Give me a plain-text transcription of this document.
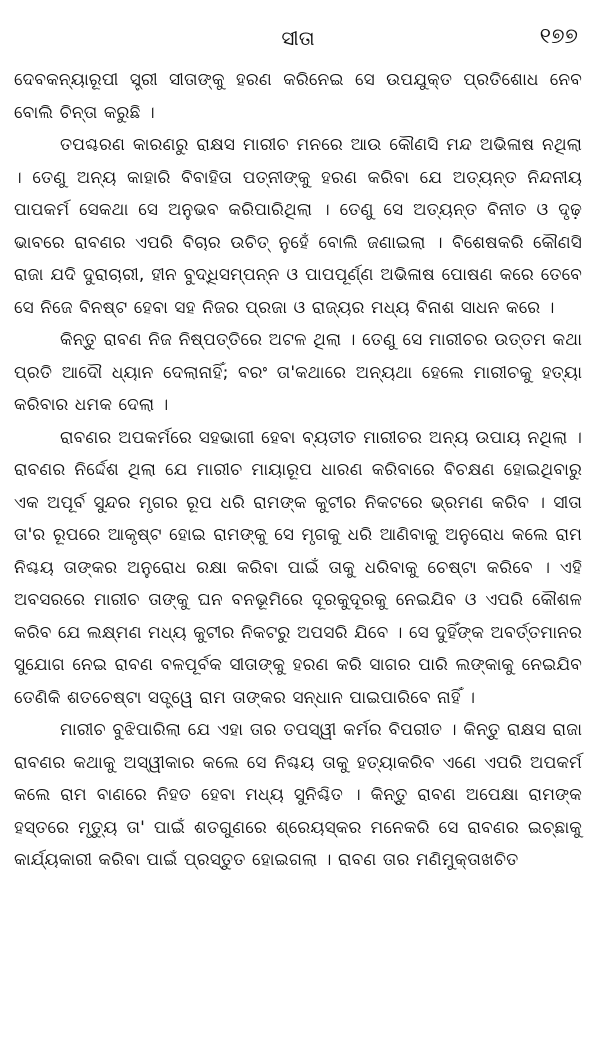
ସୀତା	୧୭୭

ଦେବକନ୍ୟାରୂପୀ ସ୍ତ୍ରୀ ସୀତାଙ୍କୁ ହରଣ କରିନେଇ ସେ ଉପଯୁକ୍ତ ପ୍ରତିଶୋଧ ନେବ ବୋଲି ଚିନ୍ତା କରୁଛି ।

ତପଶ୍ଚରଣ କାରଣରୁ ରାକ୍ଷସ ମାରୀଚ ମନରେ ଆଉ କୌଣସି ମନ୍ଦ ଅଭିଳାଷ ନଥିଲା । ତେଣୁ ଅନ୍ୟ କାହାରି ବିବାହିତା ପତ୍ନୀଙ୍କୁ ହରଣ କରିବା ଯେ ଅତ୍ୟନ୍ତ ନିନ୍ଦନୀୟ ପାପକର୍ମ ସେକଥା ସେ ଅନୁଭବ କରିପାରିଥିଲା । ତେଣୁ ସେ ଅତ୍ୟନ୍ତ ବିନୀତ ଓ ଦୃଢ଼ ଭାବରେ ରାବଣର ଏପରି ବିଚାର ଉଚିତ୍ ନୁହେଁ ବୋଲି ଜଣାଇଲା । ବିଶେଷକରି କୌଣସି ରାଜା ଯଦି ଦୁରାଚାରୀ, ହୀନ ବୁଦ୍ଧିସମ୍ପନ୍ନ ଓ ପାପପୂର୍ଣ୍ଣ ଅଭିଳାଷ ପୋଷଣ କରେ ତେବେ ସେ ନିଜେ ବିନଷ୍ଟ ହେବା ସହ ନିଜର ପ୍ରଜା ଓ ରାଜ୍ୟର ମଧ୍ୟ ବିନାଶ ସାଧନ କରେ ।

କିନ୍ତୁ ରାବଣ ନିଜ ନିଷ୍ପତ୍ତିରେ ଅଟଳ ଥିଲା । ତେଣୁ ସେ ମାରୀଚର ଉତ୍ତମ କଥା ପ୍ରତି ଆଦୌ ଧ୍ୟାନ ଦେଲାନାହିଁ; ବରଂ ତା'କଥାରେ ଅନ୍ୟଥା ହେଲେ ମାରୀଚକୁ ହତ୍ୟା କରିବାର ଧମକ ଦେଲା ।

ରାବଣର ଅପକର୍ମରେ ସହଭାଗୀ ହେବା ବ୍ୟତୀତ ମାରୀଚର ଅନ୍ୟ ଉପାୟ ନଥିଲା । ରାବଣର ନିର୍ଦ୍ଦେଶ ଥିଲା ଯେ ମାରୀଚ ମାୟାରୂପ ଧାରଣ କରିବାରେ ବିଚକ୍ଷଣ ହୋଇଥିବାରୁ ଏକ ଅପୂର୍ବ ସୁନ୍ଦର ମୃଗର ରୂପ ଧରି ରାମଙ୍କ କୁଟୀର ନିକଟରେ ଭ୍ରମଣ କରିବ । ସୀତା ତା'ର ରୂପରେ ଆକୃଷ୍ଟ ହୋଇ ରାମଙ୍କୁ ସେ ମୃଗକୁ ଧରି ଆଣିବାକୁ ଅନୁରୋଧ କଲେ ରାମ ନିଶ୍ଚୟ ତାଙ୍କର ଅନୁରୋଧ ରକ୍ଷା କରିବା ପାଇଁ ତାକୁ ଧରିବାକୁ ଚେଷ୍ଟା କରିବେ । ଏହି ଅବସରରେ ମାରୀଚ ତାଙ୍କୁ ଘନ ବନଭୂମିରେ ଦୂରକୁଦୂରକୁ ନେଇଯିବ ଓ ଏପରି କୌଶଳ କରିବ ଯେ ଲକ୍ଷ୍ମଣ ମଧ୍ୟ କୁଟୀର ନିକଟରୁ ଅପସରି ଯିବେ । ସେ ଦୁହିଁଙ୍କ ଅବର୍ତ୍ତମାନର ସୁଯୋଗ ନେଇ ରାବଣ ବଳପୂର୍ବକ ସୀତାଙ୍କୁ ହରଣ କରି ସାଗର ପାରି ଲଙ୍କାକୁ ନେଇଯିବ ତେଣିକି ଶତଚେଷ୍ଟା ସତ୍ତ୍ୱେ ରାମ ତାଙ୍କର ସନ୍ଧାନ ପାଇପାରିବେ ନାହିଁ ।

ମାରୀଚ ବୁଝିପାରିଲା ଯେ ଏହା ତାର ତପସ୍ୱୀ କର୍ମର ବିପରୀତ । କିନ୍ତୁ ରାକ୍ଷସ ରାଜା ରାବଣର କଥାକୁ ଅସ୍ୱୀକାର କଲେ ସେ ନିଶ୍ଚୟ ତାକୁ ହତ୍ୟାକରିବ ଏଣେ ଏପରି ଅପକର୍ମ କଲେ ରାମ ବାଣରେ ନିହତ ହେବା ମଧ୍ୟ ସୁନିଶ୍ଚିତ । କିନ୍ତୁ ରାବଣ ଅପେକ୍ଷା ରାମଙ୍କ ହସ୍ତରେ ମୃତ୍ୟୁ ତା' ପାଇଁ ଶତଗୁଣରେ ଶ୍ରେୟସ୍କର ମନେକରି ସେ ରାବଣର ଇଚ୍ଛାକୁ କାର୍ଯ୍ୟକାରୀ କରିବା ପାଇଁ ପ୍ରସ୍ତୁତ ହୋଇଗଲା । ରାବଣ ତାର ମଣିମୁକ୍ତାଖଚିତ
